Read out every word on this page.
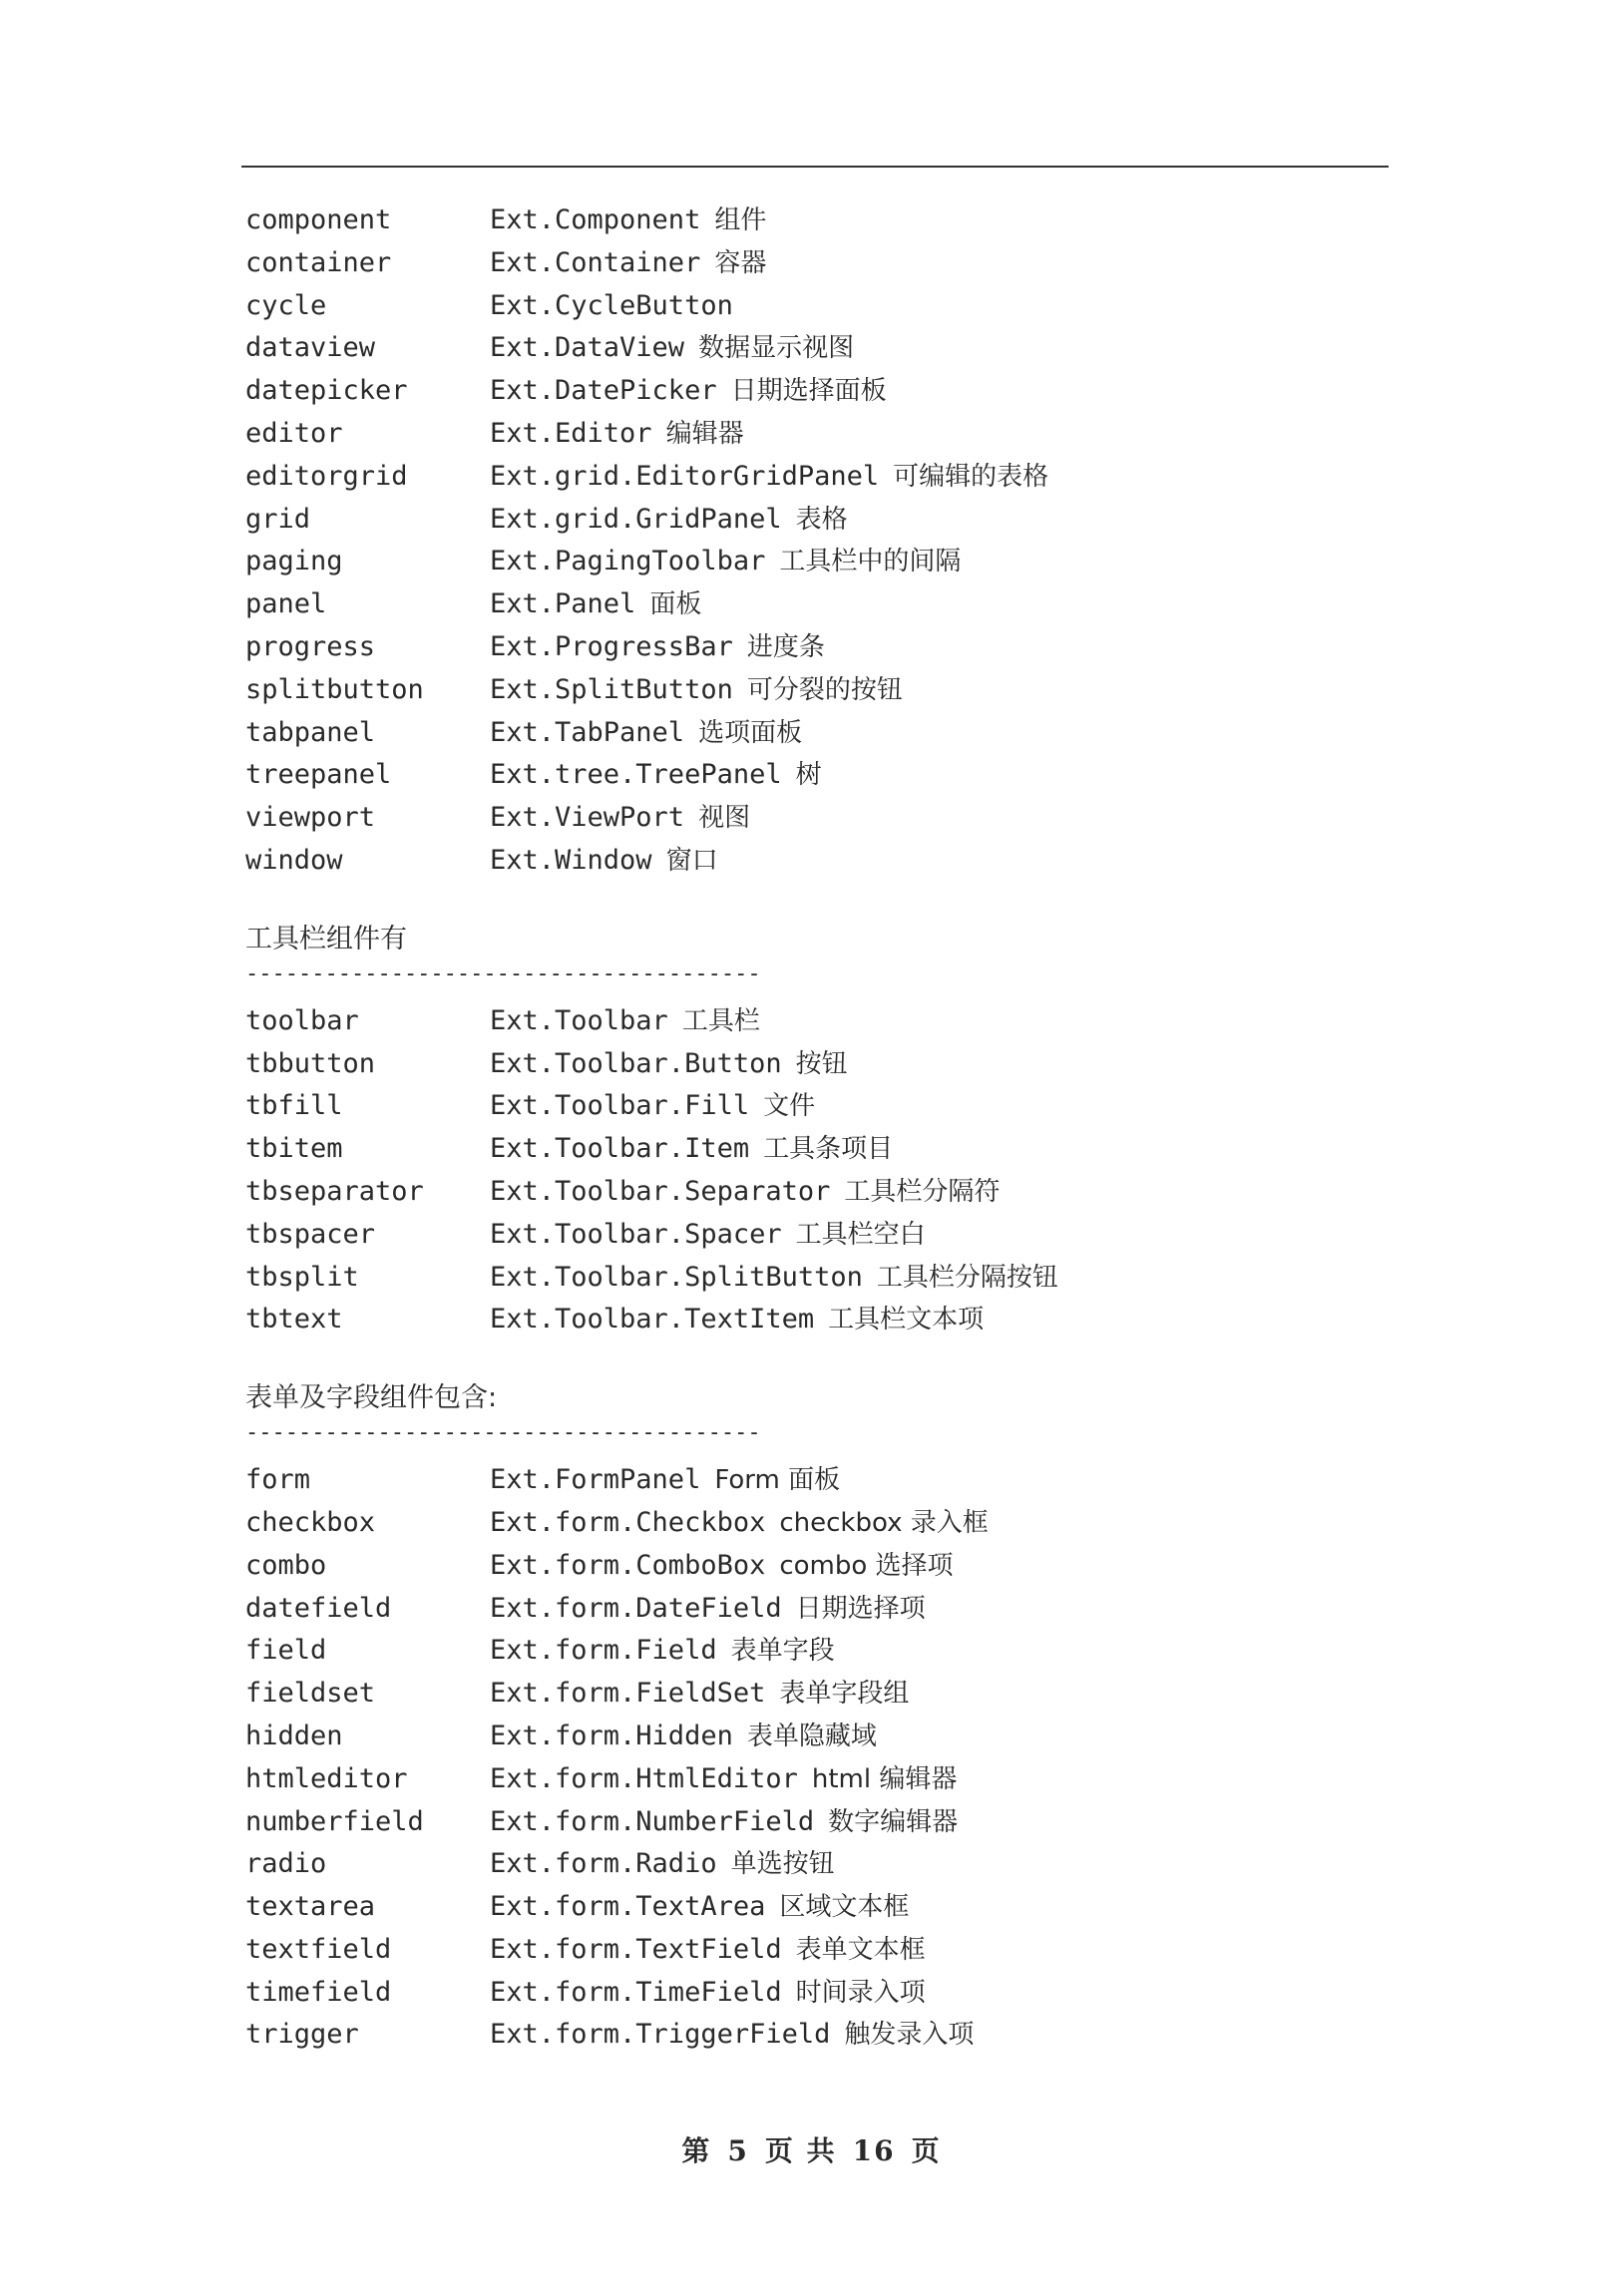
component	Ext.Component 组件
container	Ext.Container 容器
cycle	Ext.CycleButton
dataview	Ext.DataView 数据显示视图
datepicker	Ext.DatePicker 日期选择面板
editor	Ext.Editor 编辑器
editorgrid	Ext.grid.EditorGridPanel 可编辑的表格
grid	Ext.grid.GridPanel 表格
paging	Ext.PagingToolbar 工具栏中的间隔
panel	Ext.Panel 面板
progress	Ext.ProgressBar 进度条
splitbutton	Ext.SplitButton 可分裂的按钮
tabpanel	Ext.TabPanel 选项面板
treepanel	Ext.tree.TreePanel 树
viewport	Ext.ViewPort 视图
window	Ext.Window 窗口
工具栏组件有
---------------------------------------
toolbar	Ext.Toolbar 工具栏
tbbutton	Ext.Toolbar.Button 按钮
tbfill	Ext.Toolbar.Fill 文件
tbitem	Ext.Toolbar.Item 工具条项目
tbseparator	Ext.Toolbar.Separator 工具栏分隔符
tbspacer	Ext.Toolbar.Spacer 工具栏空白
tbsplit	Ext.Toolbar.SplitButton 工具栏分隔按钮
tbtext	Ext.Toolbar.TextItem 工具栏文本项
表单及字段组件包含:
---------------------------------------
form	Ext.FormPanel Form 面板
checkbox	Ext.form.Checkbox checkbox 录入框
combo	Ext.form.ComboBox combo 选择项
datefield	Ext.form.DateField 日期选择项
field	Ext.form.Field 表单字段
fieldset	Ext.form.FieldSet 表单字段组
hidden	Ext.form.Hidden 表单隐藏域
htmleditor	Ext.form.HtmlEditor html 编辑器
numberfield	Ext.form.NumberField 数字编辑器
radio	Ext.form.Radio 单选按钮
textarea	Ext.form.TextArea 区域文本框
textfield	Ext.form.TextField 表单文本框
timefield	Ext.form.TimeField 时间录入项
trigger	Ext.form.TriggerField 触发录入项
第 5 页 共 16 页
